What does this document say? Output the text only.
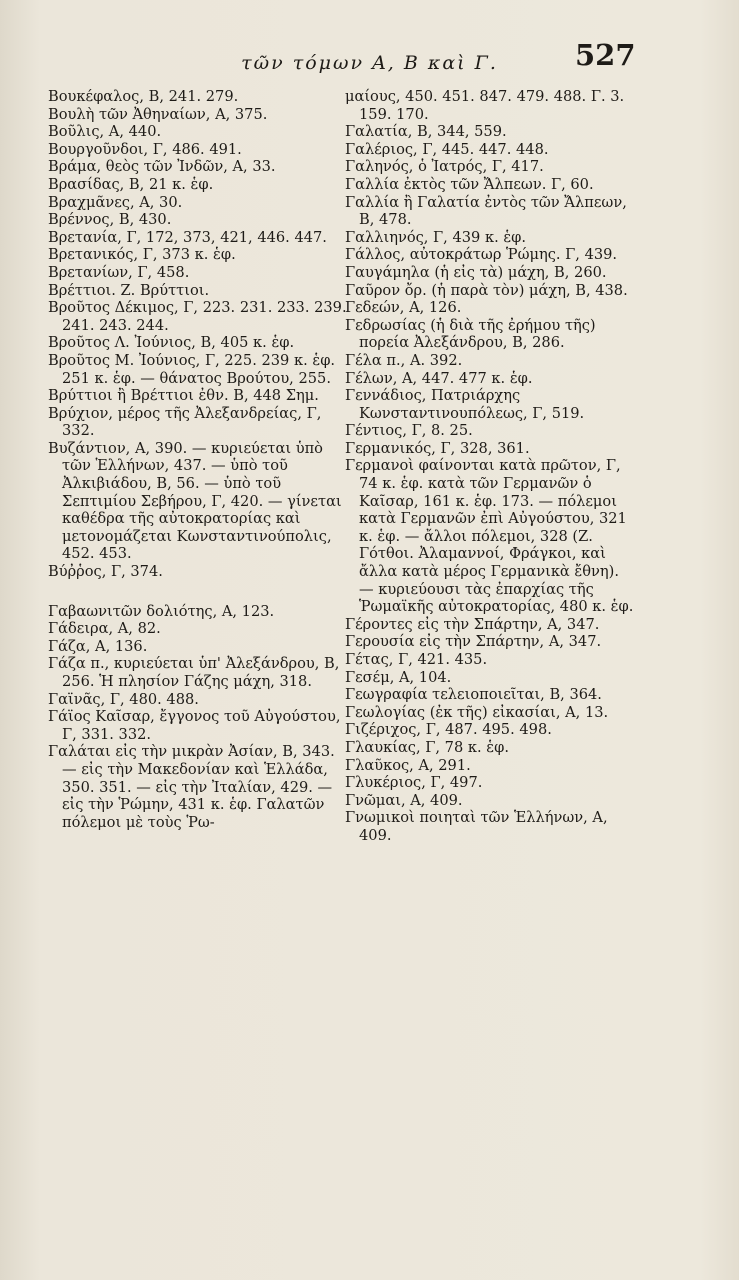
τῶν τόμων Α, Β καὶ Γ.	527

Βουκέφαλος, Β, 241. 279.

Βουλὴ τῶν Ἀθηναίων, Α, 375.

Βοῦλις, Α, 440.

Βουργοῦνδοι, Γ, 486. 491.

Βράμα, θεὸς τῶν Ἰνδῶν, Α, 33.

Βρασίδας, Β, 21 κ. ἑφ.

Βραχμᾶνες, Α, 30.

Βρέννος, Β, 430.

Βρετανία, Γ, 172, 373, 421, 446. 447.

Βρετανικός, Γ, 373 κ. ἑφ.

Βρετανίων, Γ, 458.

Βρέττιοι. Ζ. Βρύττιοι.

Βροῦτος Δέκιμος, Γ, 223. 231. 233. 239. 241. 243. 244.

Βροῦτος Λ. Ἰούνιος, Β, 405 κ. ἑφ.

Βροῦτος Μ. Ἰούνιος, Γ, 225. 239 κ. ἑφ. 251 κ. ἑφ. — θάνατος Βρούτου, 255.

Βρύττιοι ἢ Βρέττιοι ἐθν. Β, 448 Σημ.

Βρύχιον, μέρος τῆς Ἀλεξανδρείας, Γ, 332.

Βυζάντιον, Α, 390. — κυριεύεται ὑπὸ τῶν Ἑλλήνων, 437. — ὑπὸ τοῦ Ἀλκιβιάδου, Β, 56. — ὑπὸ τοῦ Σεπτιμίου Σεβήρου, Γ, 420. — γίνεται καθέδρα τῆς αὐτοκρατορίας καὶ μετονομάζεται Κωνσταντινούπολις, 452. 453.

Βύῤῥος, Γ, 374.

Γαβαωνιτῶν δολιότης, Α, 123.

Γάδειρα, Α, 82.

Γάζα, Α, 136.

Γάζα π., κυριεύεται ὑπ' Ἀλεξάνδρου, Β, 256. Ἡ πλησίον Γάζης μάχη, 318.

Γαϊνᾶς, Γ, 480. 488.

Γάϊος Καῖσαρ, ἔγγονος τοῦ Αὐγούστου, Γ, 331. 332.

Γαλάται εἰς τὴν μικρὰν Ἀσίαν, Β, 343. — εἰς τὴν Μακεδονίαν καὶ Ἑλλάδα, 350. 351. — εἰς τὴν Ἰταλίαν, 429. — εἰς τὴν Ῥώμην, 431 κ. ἑφ. Γαλατῶν πόλεμοι μὲ τοὺς Ῥω-

μαίους, 450. 451. 847. 479. 488. Γ. 3. 159. 170.

Γαλατία, Β, 344, 559.

Γαλέριος, Γ, 445. 447. 448.

Γαληνός, ὁ Ἰατρός, Γ, 417.

Γαλλία ἐκτὸς τῶν Ἄλπεων. Γ, 60.

Γαλλία ἢ Γαλατία ἐντὸς τῶν Ἄλπεων, Β, 478.

Γαλλιηνός, Γ, 439 κ. ἑφ.

Γάλλος, αὐτοκράτωρ Ῥώμης. Γ, 439.

Γαυγάμηλα (ἡ εἰς τὰ) μάχη, Β, 260.

Γαῦρον ὄρ. (ἡ παρὰ τὸν) μάχη, Β, 438.

Γεδεών, Α, 126.

Γεδρωσίας (ἡ διὰ τῆς ἐρήμου τῆς) πορεία Ἀλεξάνδρου, Β, 286.

Γέλα π., Α. 392.

Γέλων, Α, 447. 477 κ. ἑφ.

Γεννάδιος, Πατριάρχης Κωνσταντινουπόλεως, Γ, 519.

Γέντιος, Γ, 8. 25.

Γερμανικός, Γ, 328, 361.

Γερμανοὶ φαίνονται κατὰ πρῶτον, Γ, 74 κ. ἑφ. κατὰ τῶν Γερμανῶν ὁ Καῖσαρ, 161 κ. ἑφ. 173. — πόλεμοι κατὰ Γερμανῶν ἐπὶ Αὐγούστου, 321 κ. ἑφ. — ἄλλοι πόλεμοι, 328 (Ζ. Γότθοι. Ἀλαμαννοί, Φράγκοι, καὶ ἄλλα κατὰ μέρος Γερμανικὰ ἔθνη). — κυριεύουσι τὰς ἐπαρχίας τῆς Ῥωμαϊκῆς αὐτοκρατορίας, 480 κ. ἑφ.

Γέροντες εἰς τὴν Σπάρτην, Α, 347.

Γερουσία εἰς τὴν Σπάρτην, Α, 347.

Γέτας, Γ, 421. 435.

Γεσέμ, Α, 104.

Γεωγραφία τελειοποιεῖται, Β, 364.

Γεωλογίας (ἐκ τῆς) εἰκασίαι, Α, 13.

Γιζέριχος, Γ, 487. 495. 498.

Γλαυκίας, Γ, 78 κ. ἑφ.

Γλαῦκος, Α, 291.

Γλυκέριος, Γ, 497.

Γνῶμαι, Α, 409.

Γνωμικοὶ ποιηταὶ τῶν Ἑλλήνων, Α, 409.
